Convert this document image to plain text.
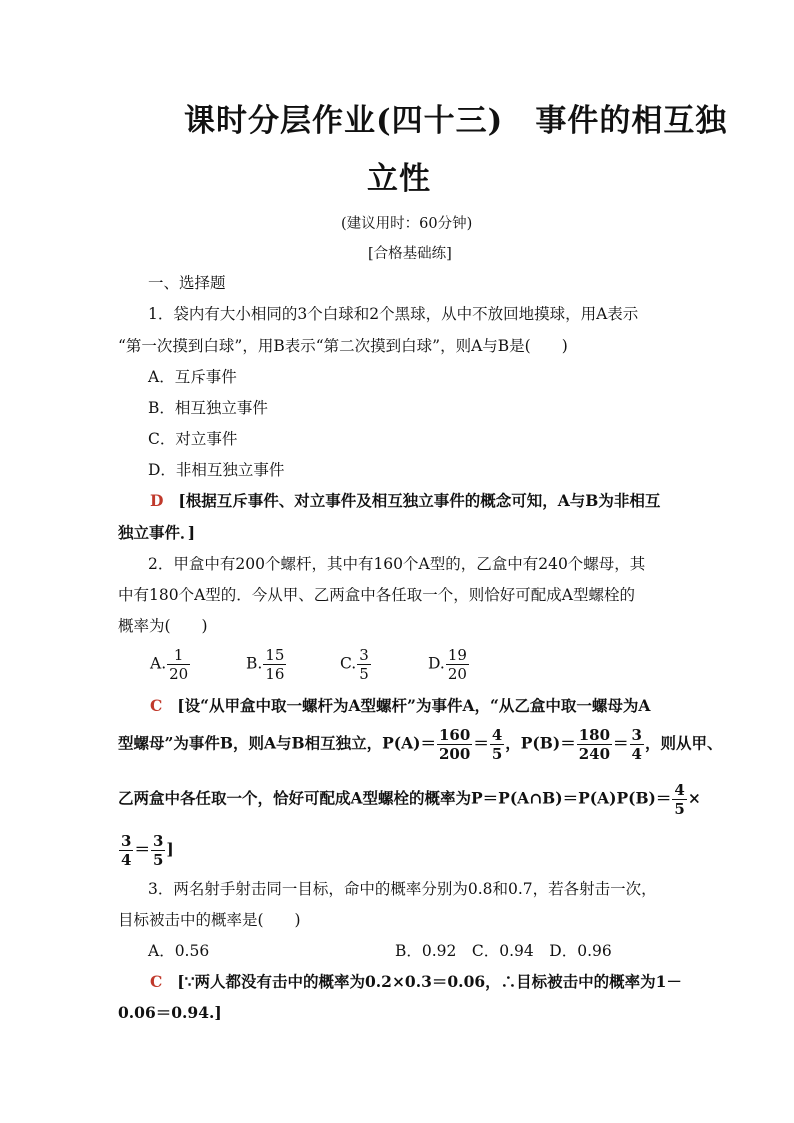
课时分层作业(四十三)　事件的相互独
立性
(建议用时：60分钟)
[合格基础练]
一、选择题
1．袋内有大小相同的3个白球和2个黑球，从中不放回地摸球，用A表示
“第一次摸到白球”，用B表示“第二次摸到白球”，则A与B是(　　)
A．互斥事件
B．相互独立事件
C．对立事件
D．非相互独立事件
D [根据互斥事件、对立事件及相互独立事件的概念可知，A与B为非相互
独立事件．]
2．甲盒中有200个螺杆，其中有160个A型的，乙盒中有240个螺母，其
中有180个A型的．今从甲、乙两盒中各任取一个，则恰好可配成A型螺栓的
概率为(　　)
A. $\frac{1}{20}$	B. $\frac{15}{16}$	C. $\frac{3}{5}$	D. $\frac{19}{20}$
C [设“从甲盒中取一螺杆为A型螺杆”为事件A，“从乙盒中取一螺母为A
型螺母”为事件B，则A与B相互独立，$P(A)= \frac{160}{200} = \frac{4}{5}$ ，$P(B)= \frac{180}{240} = \frac{3}{4}$ ，则从甲、
乙两盒中各任取一个，恰好可配成A型螺栓的概率为P＝P(A∩B)＝P(A)P(B)＝ $\frac{4}{5}$ ×
$\frac{3}{4} = \frac{3}{5}$ ]
3．两名射手射击同一目标，命中的概率分别为0.8和0.7，若各射击一次，
目标被击中的概率是(　　)
A．0.56	B．0.92　C．0.94　D．0.96
C [∵两人都没有击中的概率为0.2×0.3＝0.06，∴目标被击中的概率为1－
0.06＝0.94.]
